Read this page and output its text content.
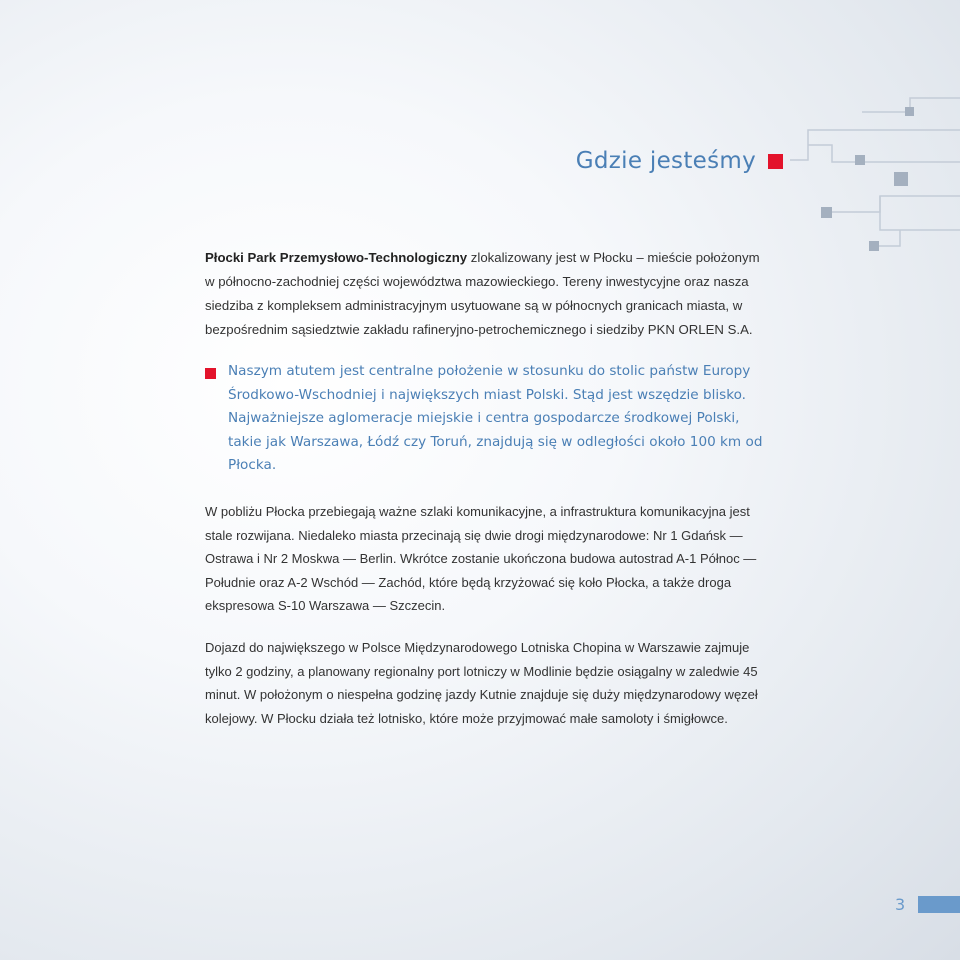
Gdzie jesteśmy

Płocki Park Przemysłowo-Technologiczny zlokalizowany jest w Płocku – mieście położonym w północno-zachodniej części województwa mazowieckiego. Tereny inwestycyjne oraz nasza siedziba z kompleksem administracyjnym usytuowane są w północnych granicach miasta, w bezpośrednim sąsiedztwie zakładu rafineryjno-petrochemicznego i siedziby PKN ORLEN S.A.

Naszym atutem jest centralne położenie w stosunku do stolic państw Europy Środkowo-Wschodniej i największych miast Polski. Stąd jest wszędzie blisko. Najważniejsze aglomeracje miejskie i centra gospodarcze środkowej Polski, takie jak Warszawa, Łódź czy Toruń, znajdują się w odległości około 100 km od Płocka.

W pobliżu Płocka przebiegają ważne szlaki komunikacyjne, a infrastruktura komunikacyjna jest stale rozwijana. Niedaleko miasta przecinają się dwie drogi międzynarodowe: Nr 1 Gdańsk — Ostrawa i Nr 2 Moskwa — Berlin. Wkrótce zostanie ukończona budowa autostrad A-1 Północ — Południe oraz A-2 Wschód — Zachód, które będą krzyżować się koło Płocka, a także droga ekspresowa S-10 Warszawa — Szczecin.

Dojazd do największego w Polsce Międzynarodowego Lotniska Chopina w Warszawie zajmuje tylko 2 godziny, a planowany regionalny port lotniczy w Modlinie będzie osiągalny w zaledwie 45 minut. W położonym o niespełna godzinę jazdy Kutnie znajduje się duży międzynarodowy węzeł kolejowy. W Płocku działa też lotnisko, które może przyjmować małe samoloty i śmigłowce.

3
